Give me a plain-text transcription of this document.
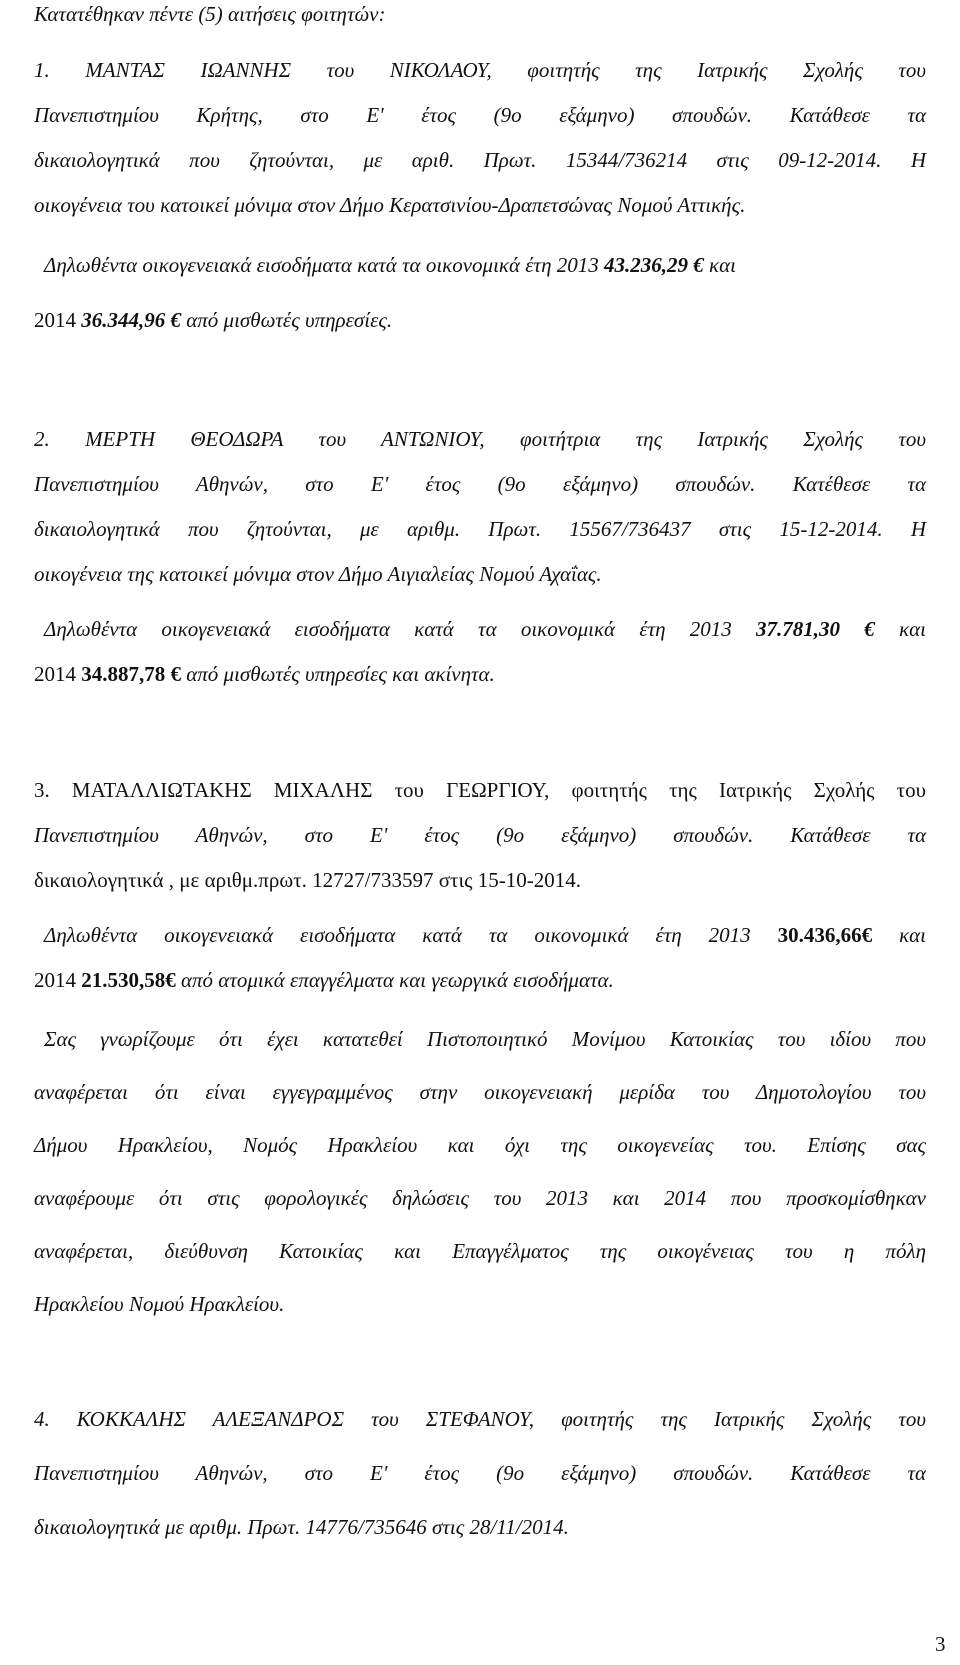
Κατατέθηκαν πέντε (5) αιτήσεις φοιτητών:
1. ΜΑΝΤΑΣ ΙΩΑΝΝΗΣ του ΝΙΚΟΛΑΟΥ, φοιτητής της Ιατρικής Σχολής του
Πανεπιστημίου Κρήτης, στο Ε' έτος (9ο εξάμηνο) σπουδών. Κατάθεσε τα
δικαιολογητικά που ζητούνται, με αριθ. Πρωτ. 15344/736214 στις 09-12-2014. Η
οικογένεια του κατοικεί μόνιμα στον Δήμο Κερατσινίου-Δραπετσώνας Νομού Αττικής.
Δηλωθέντα οικογενειακά εισοδήματα κατά τα οικονομικά έτη 2013 43.236,29 € και
2014 36.344,96 € από μισθωτές υπηρεσίες.
2. ΜΕΡΤΗ ΘΕΟΔΩΡΑ του ΑΝΤΩΝΙΟΥ, φοιτήτρια της Ιατρικής Σχολής του
Πανεπιστημίου Αθηνών, στο Ε' έτος (9ο εξάμηνο) σπουδών. Κατέθεσε τα
δικαιολογητικά που ζητούνται, με αριθμ. Πρωτ. 15567/736437 στις 15-12-2014. Η
οικογένεια της κατοικεί μόνιμα στον Δήμο Αιγιαλείας Νομού Αχαΐας.
Δηλωθέντα οικογενειακά εισοδήματα κατά τα οικονομικά έτη 2013 37.781,30 € και
2014 34.887,78 € από μισθωτές υπηρεσίες και ακίνητα.
3. ΜΑΤΑΛΛΙΩΤΑΚΗΣ ΜΙΧΑΛΗΣ του ΓΕΩΡΓΙΟΥ, φοιτητής της Ιατρικής Σχολής του
Πανεπιστημίου Αθηνών, στο Ε' έτος (9ο εξάμηνο) σπουδών. Κατάθεσε τα
δικαιολογητικά , με αριθμ.πρωτ. 12727/733597 στις 15-10-2014.
Δηλωθέντα οικογενειακά εισοδήματα κατά τα οικονομικά έτη 2013 30.436,66€ και
2014 21.530,58€ από ατομικά επαγγέλματα και γεωργικά εισοδήματα.
Σας γνωρίζουμε ότι έχει κατατεθεί Πιστοποιητικό Μονίμου Κατοικίας του ιδίου που
αναφέρεται ότι είναι εγγεγραμμένος στην οικογενειακή μερίδα του Δημοτολογίου του
Δήμου Ηρακλείου, Νομός Ηρακλείου και όχι της οικογενείας του. Επίσης σας
αναφέρουμε ότι στις φορολογικές δηλώσεις του 2013 και 2014 που προσκομίσθηκαν
αναφέρεται, διεύθυνση Κατοικίας και Επαγγέλματος της οικογένειας του η πόλη
Ηρακλείου Νομού Ηρακλείου.
4. ΚΟΚΚΑΛΗΣ ΑΛΕΞΑΝΔΡΟΣ του ΣΤΕΦΑΝΟΥ, φοιτητής της Ιατρικής Σχολής του
Πανεπιστημίου Αθηνών, στο Ε' έτος (9ο εξάμηνο) σπουδών. Κατάθεσε τα
δικαιολογητικά με αριθμ. Πρωτ. 14776/735646 στις 28/11/2014.
3
